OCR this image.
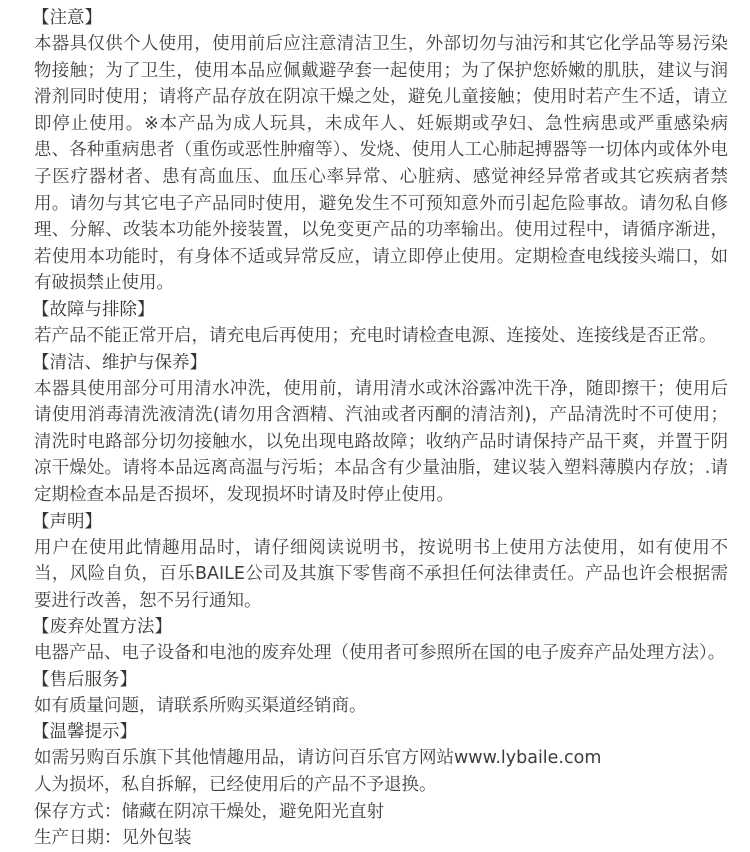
【注意】

本器具仅供个人使用，使用前后应注意清洁卫生，外部切勿与油污和其它化学品等易污染物接触；为了卫生，使用本品应佩戴避孕套一起使用；为了保护您娇嫩的肌肤，建议与润滑剂同时使用；请将产品存放在阴凉干燥之处，避免儿童接触；使用时若产生不适，请立即停止使用。※本产品为成人玩具，未成年人、妊娠期或孕妇、急性病患或严重感染病患、各种重病患者（重伤或恶性肿瘤等）、发烧、使用人工心肺起搏器等一切体内或体外电子医疗器材者、患有高血压、血压心率异常、心脏病、感觉神经异常者或其它疾病者禁用。请勿与其它电子产品同时使用，避免发生不可预知意外而引起危险事故。请勿私自修理、分解、改装本功能外接装置，以免变更产品的功率输出。使用过程中，请循序渐进，若使用本功能时，有身体不适或异常反应，请立即停止使用。定期检查电线接头端口，如有破损禁止使用。

【故障与排除】

若产品不能正常开启，请充电后再使用；充电时请检查电源、连接处、连接线是否正常。

【清洁、维护与保养】

本器具使用部分可用清水冲洗，使用前，请用清水或沐浴露冲洗干净，随即擦干；使用后请使用消毒清洗液清洗(请勿用含酒精、汽油或者丙酮的清洁剂)，产品清洗时不可使用；清洗时电路部分切勿接触水，以免出现电路故障；收纳产品时请保持产品干爽，并置于阴凉干燥处。请将本品远离高温与污垢；本品含有少量油脂，建议装入塑料薄膜内存放；.请定期检查本品是否损坏，发现损坏时请及时停止使用。

【声明】

用户在使用此情趣用品时，请仔细阅读说明书，按说明书上使用方法使用，如有使用不当，风险自负，百乐BAILE公司及其旗下零售商不承担任何法律责任。产品也许会根据需要进行改善，恕不另行通知。

【废弃处置方法】

电器产品、电子设备和电池的废弃处理（使用者可参照所在国的电子废弃产品处理方法）。

【售后服务】

如有质量问题，请联系所购买渠道经销商。

【温馨提示】
如需另购百乐旗下其他情趣用品，请访问百乐官方网站www.lybaile.com
人为损坏，私自拆解，已经使用后的产品不予退换。
保存方式：储藏在阴凉干燥处，避免阳光直射
生产日期：见外包装
